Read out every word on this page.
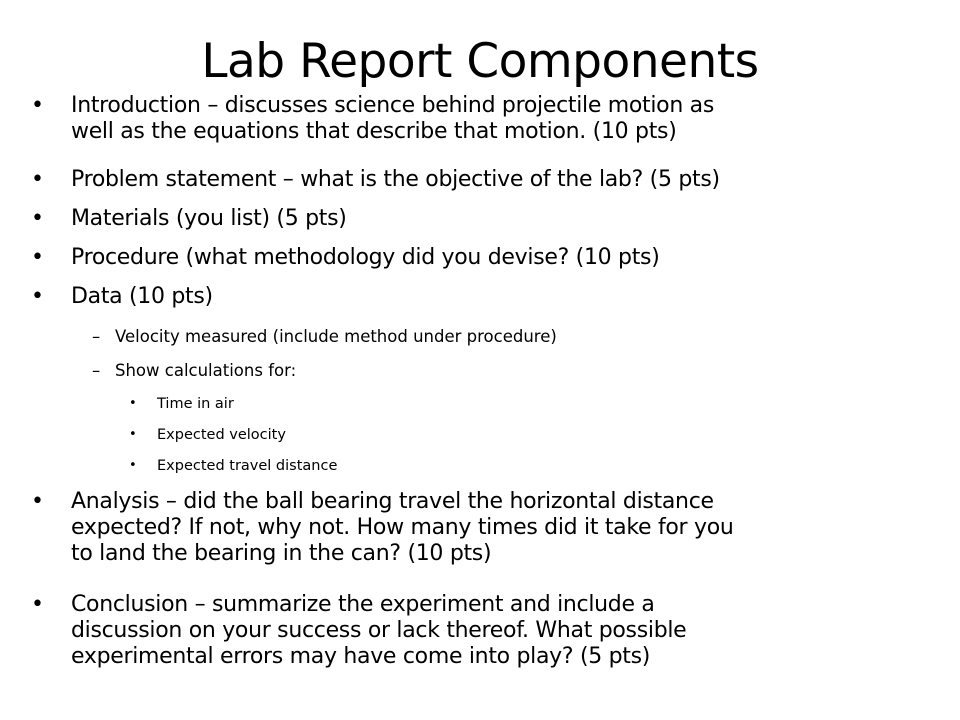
Lab Report Components
• Introduction – discusses science behind projectile motion as
well as the equations that describe that motion. (10 pts)
• Problem statement – what is the objective of the lab? (5 pts)
• Materials (you list) (5 pts)
• Procedure (what methodology did you devise? (10 pts)
• Data (10 pts)
– Velocity measured (include method under procedure)
– Show calculations for:
• Time in air
• Expected velocity
• Expected travel distance
• Analysis – did the ball bearing travel the horizontal distance
expected? If not, why not. How many times did it take for you
to land the bearing in the can? (10 pts)
• Conclusion – summarize the experiment and include a
discussion on your success or lack thereof. What possible
experimental errors may have come into play? (5 pts)
